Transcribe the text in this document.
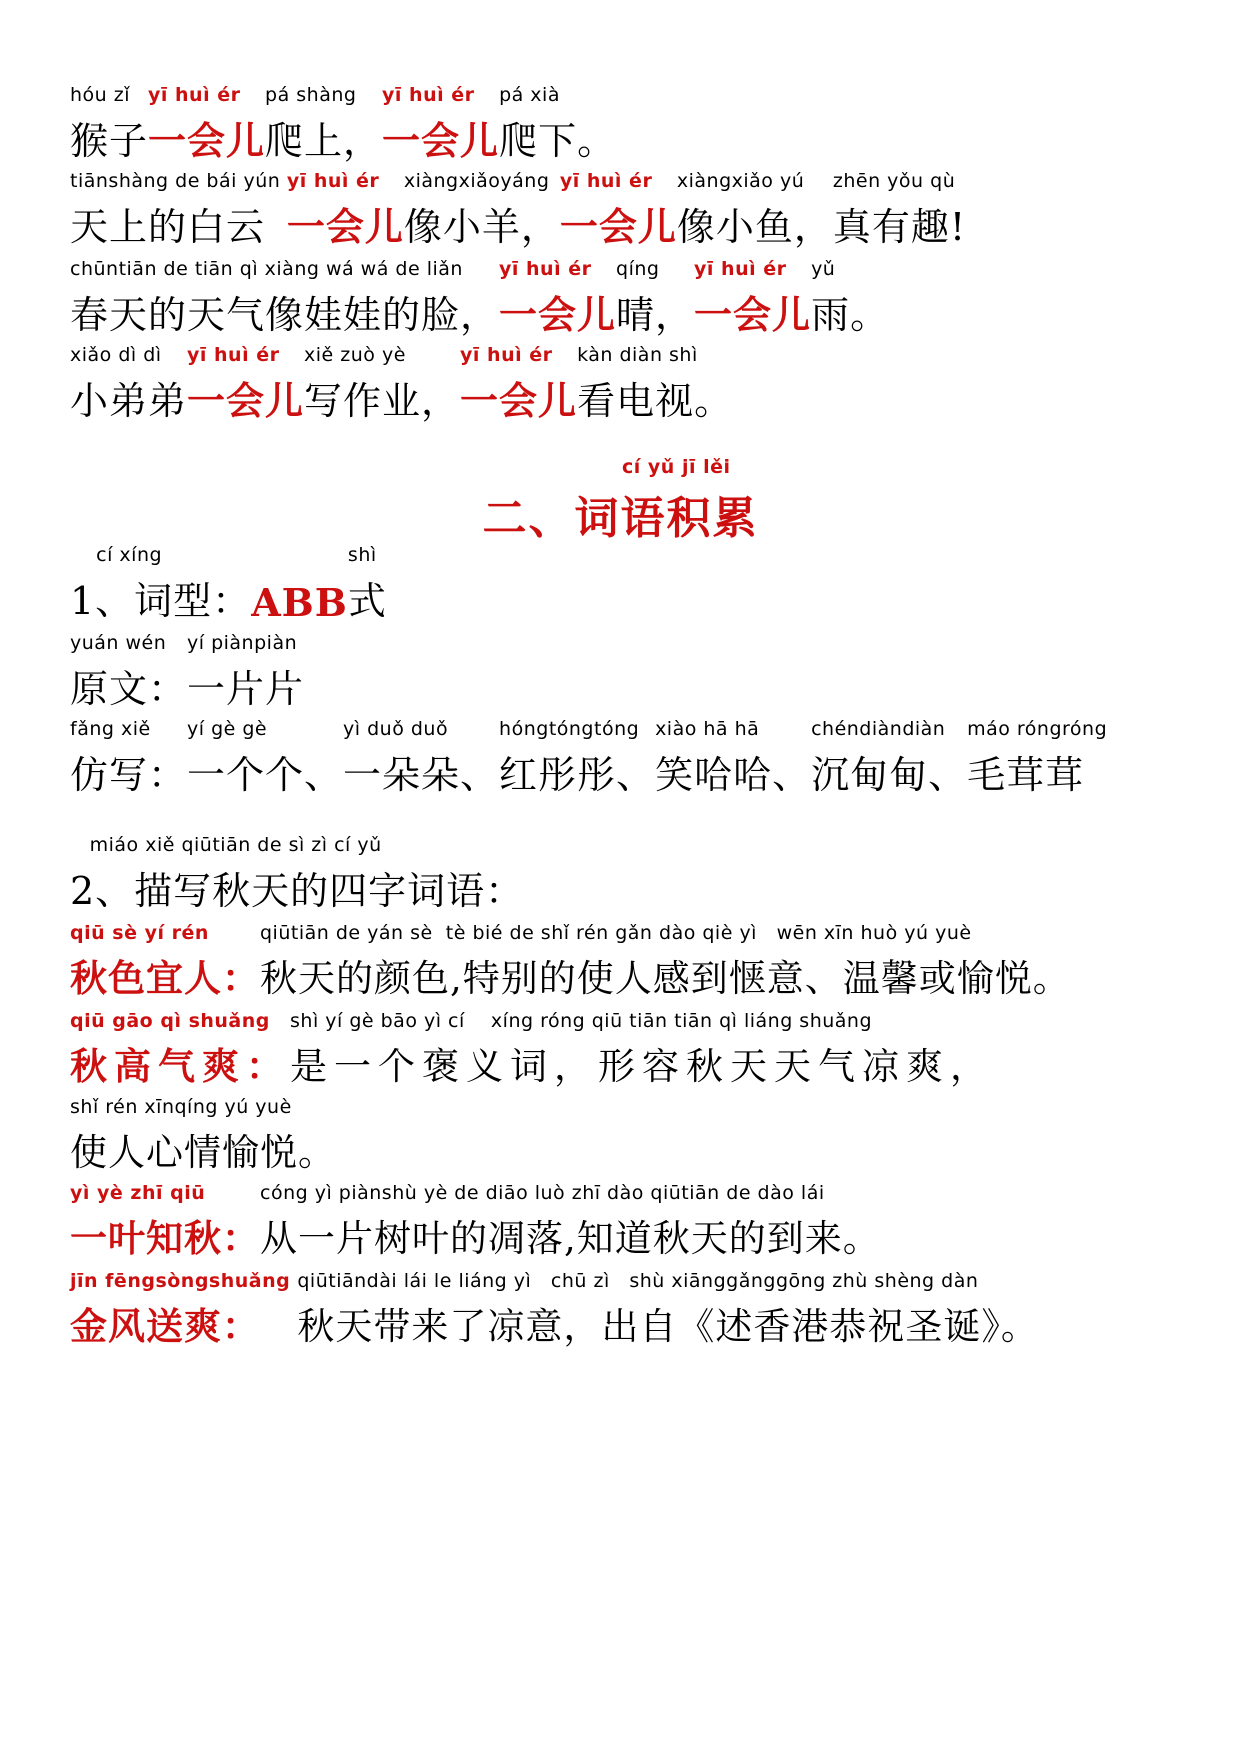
hóu zǐ
猴子
yī huì ér
一会儿
pá shàng
爬上，
yī huì ér
一会儿
pá xià
爬下。
tiānshàng de bái yún
天上的白云
yī huì ér
一会儿
xiàngxiǎoyáng
像小羊，
yī huì ér
一会儿
xiàngxiǎo yú
像小鱼，
zhēn yǒu qù
真有趣!
chūntiān de tiān qì xiàng wá wá de liǎn
春天的天气像娃娃的脸，
yī huì ér
一会儿
qíng
晴，
yī huì ér
一会儿
yǔ
雨。
xiǎo dì dì
小弟弟
yī huì ér
一会儿
xiě zuò yè
写作业，
yī huì ér
一会儿
kàn diàn shì
看电视。
cí xíng
1、词型：
ABB
shì
式
yuán wén
原文：
yí piànpiàn
一片片
fǎng xiě
仿写：
yí gè gè
一个个、
yì duǒ duǒ
一朵朵、
hóngtóngtóng
红彤彤、
xiào hā hā
笑哈哈、
chéndiàndiàn
沉甸甸、
máo róngróng
毛茸茸
miáo xiě qiūtiān de sì zì cí yǔ
2、描写秋天的四字词语：
qiū sè yí rén
秋色宜人：
qiūtiān de yán sè  tè bié de shǐ rén gǎn dào qiè yì   wēn xīn huò yú yuè
秋天的颜色,特别的使人感到惬意、温馨或愉悦。
qiū gāo qì shuǎng
秋高气爽：
shì yí gè bāo yì cí    xíng róng qiū tiān tiān qì liáng shuǎng
是一个褒义词，形容秋天天气凉爽，
shǐ rén xīnqíng yú yuè
使人心情愉悦。
yì yè zhī qiū
一叶知秋：
cóng yì piànshù yè de diāo luò zhī dào qiūtiān de dào lái
从一片树叶的凋落,知道秋天的到来。
jīn fēngsòngshuǎng
金风送爽：
qiūtiāndài lái le liáng yì   chū zì   shù xiānggǎnggōng zhù shèng dàn
秋天带来了凉意，出自《述香港恭祝圣诞》。
cí yǔ jī lěi
二、词语积累
